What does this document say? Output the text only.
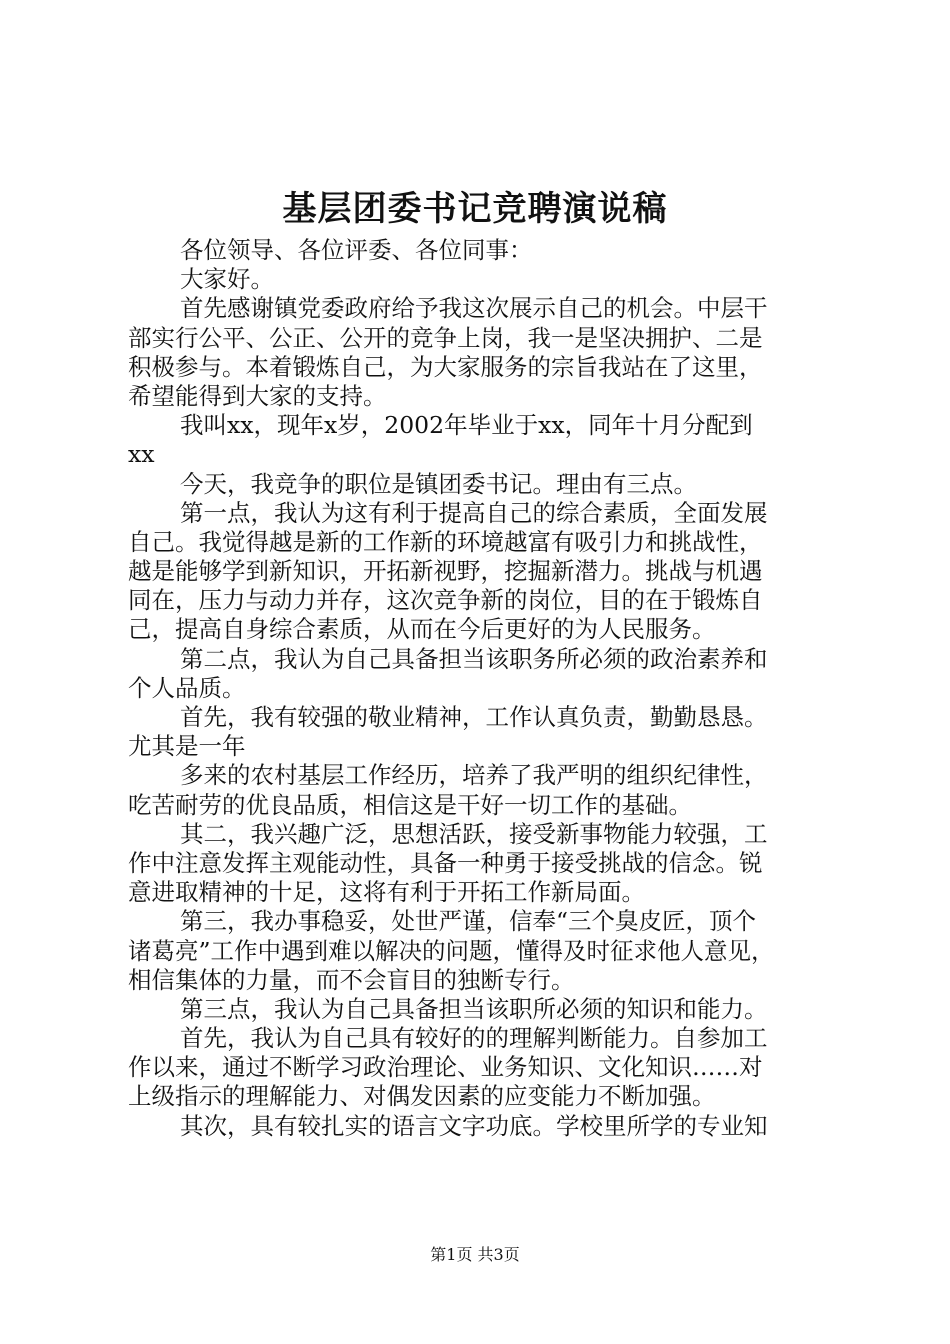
基层团委书记竞聘演说稿
各位领导、各位评委、各位同事：
大家好。
首先感谢镇党委政府给予我这次展示自己的机会。中层干
部实行公平、公正、公开的竞争上岗，我一是坚决拥护、二是
积极参与。本着锻炼自己，为大家服务的宗旨我站在了这里，
希望能得到大家的支持。
我叫xx，现年x岁，2002年毕业于xx，同年十月分配到
xx
今天，我竞争的职位是镇团委书记。理由有三点。
第一点，我认为这有利于提高自己的综合素质，全面发展
自己。我觉得越是新的工作新的环境越富有吸引力和挑战性，
越是能够学到新知识，开拓新视野，挖掘新潜力。挑战与机遇
同在，压力与动力并存，这次竞争新的岗位，目的在于锻炼自
己，提高自身综合素质，从而在今后更好的为人民服务。
第二点，我认为自己具备担当该职务所必须的政治素养和
个人品质。
首先，我有较强的敬业精神，工作认真负责，勤勤恳恳。
尤其是一年
多来的农村基层工作经历，培养了我严明的组织纪律性，
吃苦耐劳的优良品质，相信这是干好一切工作的基础。
其二，我兴趣广泛，思想活跃，接受新事物能力较强，工
作中注意发挥主观能动性，具备一种勇于接受挑战的信念。锐
意进取精神的十足，这将有利于开拓工作新局面。
第三，我办事稳妥，处世严谨，信奉“三个臭皮匠，顶个
诸葛亮”工作中遇到难以解决的问题，懂得及时征求他人意见，
相信集体的力量，而不会盲目的独断专行。
第三点，我认为自己具备担当该职所必须的知识和能力。
首先，我认为自己具有较好的的理解判断能力。自参加工
作以来，通过不断学习政治理论、业务知识、文化知识……对
上级指示的理解能力、对偶发因素的应变能力不断加强。
其次，具有较扎实的语言文字功底。学校里所学的专业知
第1页 共3页
